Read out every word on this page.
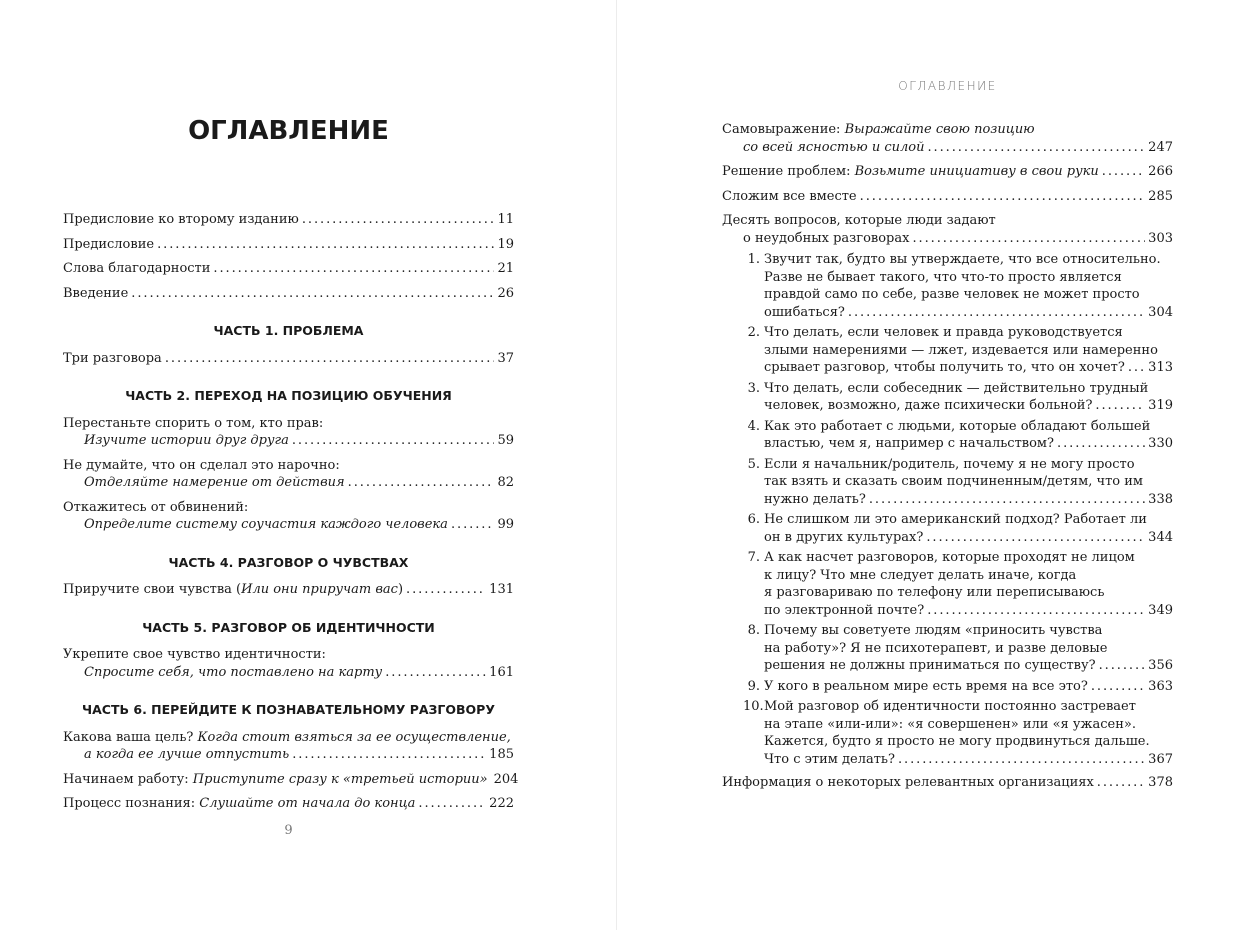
ОГЛАВЛЕНИЕ
Предисловие ко второму изданию . . .	11
Предисловие . . .	19
Слова благодарности . . .	21
Введение . . .	26
ЧАСТЬ 1. ПРОБЛЕМА
Три разговора . . .	37
ЧАСТЬ 2. ПЕРЕХОД НА ПОЗИЦИЮ ОБУЧЕНИЯ
Перестаньте спорить о том, кто прав:
Изучите истории друг друга . . .	59
Не думайте, что он сделал это нарочно:
Отделяйте намерение от действия . . .	82
Откажитесь от обвинений:
Определите систему соучастия каждого человека . . .	99
ЧАСТЬ 4. РАЗГОВОР О ЧУВСТВАХ
Приручите свои чувства ( Или они приручат вас ) . . .	131
ЧАСТЬ 5. РАЗГОВОР ОБ ИДЕНТИЧНОСТИ
Укрепите свое чувство идентичности:
Спросите себя, что поставлено на карту . . .	161
ЧАСТЬ 6. ПЕРЕЙДИТЕ К ПОЗНАВАТЕЛЬНОМУ РАЗГОВОРУ
Какова ваша цель? Когда стоит взяться за ее осуществление,
а когда ее лучше отпустить . . .	185
Начинаем работу: Приступите сразу к «третьей истории» 204
Процесс познания: Слушайте от начала до конца . . .	222
9
ОГЛАВЛЕНИЕ
Самовыражение: Выражайте свою позицию
со всей ясностью и силой . . .	247
Решение проблем: Возьмите инициативу в свои руки . . .	266
Сложим все вместе . . .	285
Десять вопросов, которые люди задают
о неудобных разговорах . . .	303
1. Звучит так, будто вы утверждаете, что все относительно.
Разве не бывает такого, что что-то просто является
правдой само по себе, разве человек не может просто
ошибаться? . . .	304
2. Что делать, если человек и правда руководствуется
злыми намерениями — лжет, издевается или намеренно
срывает разговор, чтобы получить то, что он хочет? . . . 313
3. Что делать, если собеседник — действительно трудный
человек, возможно, даже психически больной? . . .	319
4. Как это работает с людьми, которые обладают большей
властью, чем я, например с начальством? . . .	330
5. Если я начальник/родитель, почему я не могу просто
так взять и сказать своим подчиненным/детям, что им
нужно делать? . . .	338
6. Не слишком ли это американский подход? Работает ли
он в других культурах? . . .	344
7. А как насчет разговоров, которые проходят не лицом
к лицу? Что мне следует делать иначе, когда
я разговариваю по телефону или переписываюсь
по электронной почте? . . .	349
8. Почему вы советуете людям «приносить чувства
на работу»? Я не психотерапевт, и разве деловые
решения не должны приниматься по существу? . . .	356
9. У кого в реальном мире есть время на все это? . . .	363
10. Мой разговор об идентичности постоянно застревает
на этапе «или-или»: «я совершенен» или «я ужасен».
Кажется, будто я просто не могу продвинуться дальше.
Что с этим делать? . . .	367
Информация о некоторых релевантных организациях . . .	378
